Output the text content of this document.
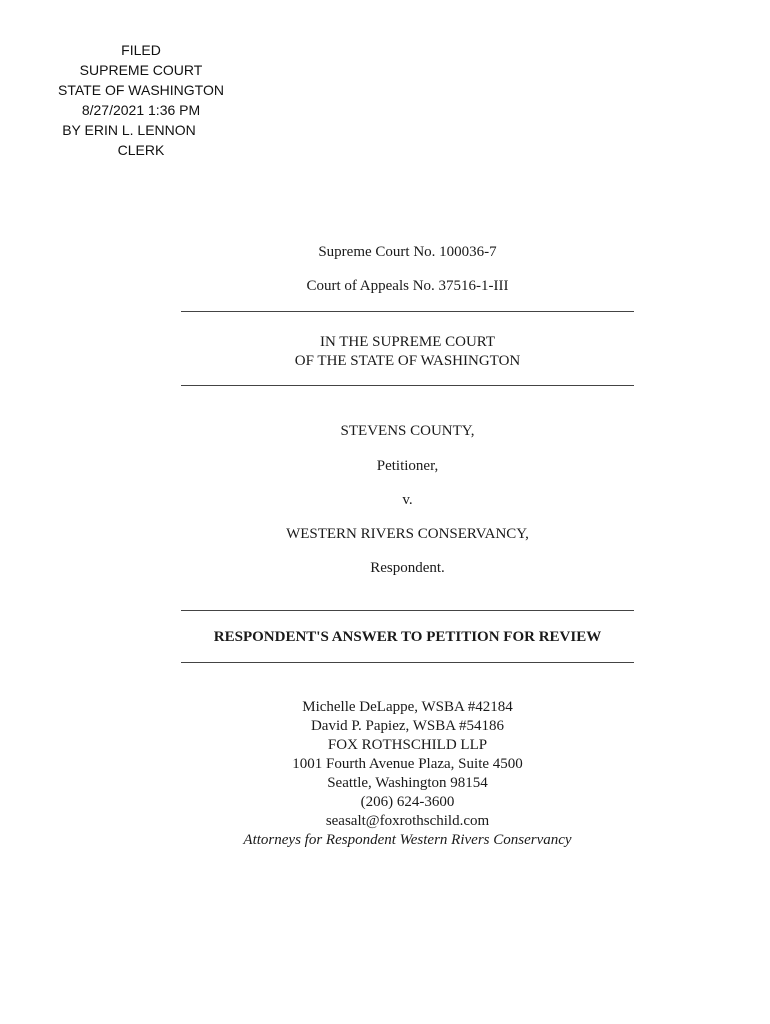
FILED
SUPREME COURT
STATE OF WASHINGTON
8/27/2021 1:36 PM
BY ERIN L. LENNON
CLERK
Supreme Court No. 100036-7
Court of Appeals No. 37516-1-III
IN THE SUPREME COURT
OF THE STATE OF WASHINGTON
STEVENS COUNTY,
Petitioner,
v.
WESTERN RIVERS CONSERVANCY,
Respondent.
RESPONDENT'S ANSWER TO PETITION FOR REVIEW
Michelle DeLappe, WSBA #42184
David P. Papiez, WSBA #54186
FOX ROTHSCHILD LLP
1001 Fourth Avenue Plaza, Suite 4500
Seattle, Washington 98154
(206) 624-3600
seasalt@foxrothschild.com
Attorneys for Respondent Western Rivers Conservancy
